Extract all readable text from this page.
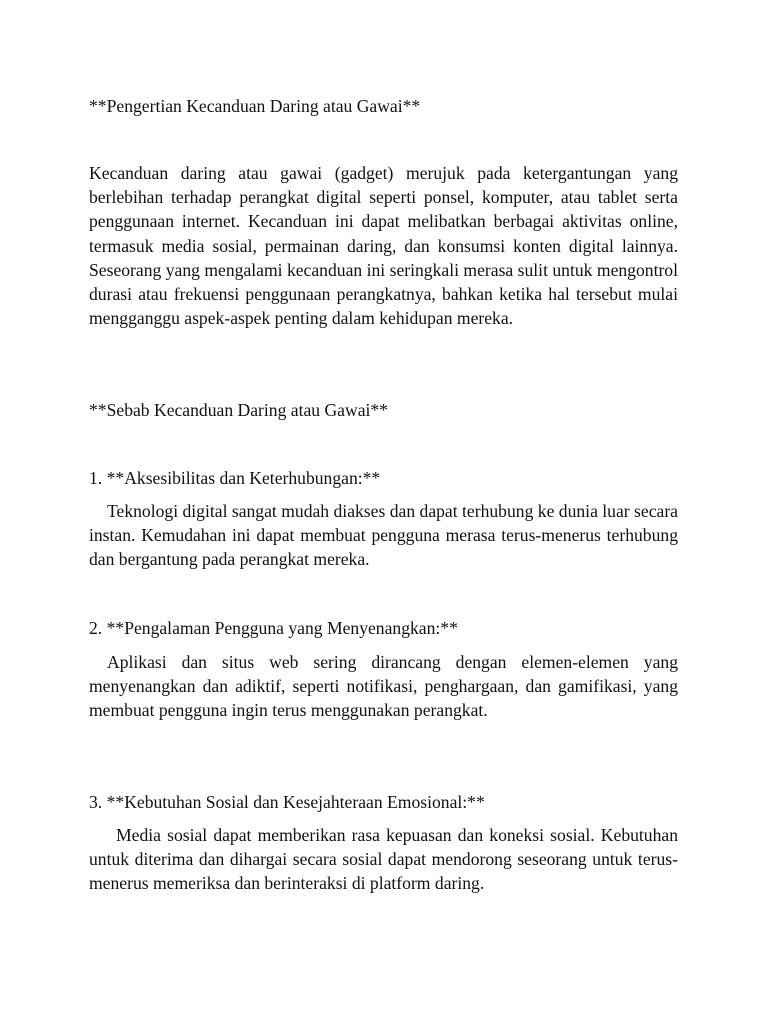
**Pengertian Kecanduan Daring atau Gawai**
Kecanduan daring atau gawai (gadget) merujuk pada ketergantungan yang berlebihan terhadap perangkat digital seperti ponsel, komputer, atau tablet serta penggunaan internet. Kecanduan ini dapat melibatkan berbagai aktivitas online, termasuk media sosial, permainan daring, dan konsumsi konten digital lainnya. Seseorang yang mengalami kecanduan ini seringkali merasa sulit untuk mengontrol durasi atau frekuensi penggunaan perangkatnya, bahkan ketika hal tersebut mulai mengganggu aspek-aspek penting dalam kehidupan mereka.
**Sebab Kecanduan Daring atau Gawai**
1. **Aksesibilitas dan Keterhubungan:**
Teknologi digital sangat mudah diakses dan dapat terhubung ke dunia luar secara instan. Kemudahan ini dapat membuat pengguna merasa terus-menerus terhubung dan bergantung pada perangkat mereka.
2. **Pengalaman Pengguna yang Menyenangkan:**
Aplikasi dan situs web sering dirancang dengan elemen-elemen yang menyenangkan dan adiktif, seperti notifikasi, penghargaan, dan gamifikasi, yang membuat pengguna ingin terus menggunakan perangkat.
3. **Kebutuhan Sosial dan Kesejahteraan Emosional:**
Media sosial dapat memberikan rasa kepuasan dan koneksi sosial. Kebutuhan untuk diterima dan dihargai secara sosial dapat mendorong seseorang untuk terus-menerus memeriksa dan berinteraksi di platform daring.
